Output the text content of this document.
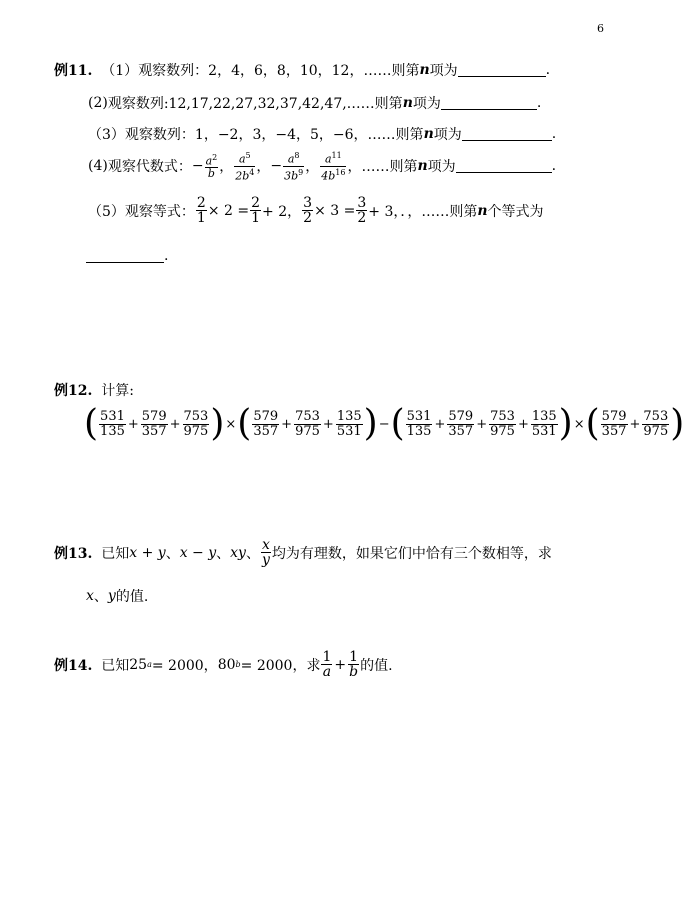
6
例11.
（1） 观察数列：2，4，6，8，10，12，……则第 n 项为	.
(2) 观察数列:12,17,22,27,32,37,42,47,……则第 n 项为	.
（3） 观察数列：1，−2，3，−4，5，−6，……则第 n 项为	.
(4) 观察代数式： − $\frac{a^2}{b}$ ， $\frac{a^5}{2b^4}$ ， − $\frac{a^8}{3b^9}$ ， $\frac{a^{11}}{4b^{16}}$ ， ……则第 n 项为	.
（5） 观察等式： $\frac{2}{1} \times 2 = \frac{2}{1} + 2$， $\frac{3}{2} \times 3 = \frac{3}{2} + 3$，．， ……则第 n 个等式为
.
例12.
计算:
( $\frac{531}{135} + \frac{579}{357} + \frac{753}{975}$ ) × ( $\frac{579}{357} + \frac{753}{975} + \frac{135}{531}$ ) − ( $\frac{531}{135} + \frac{579}{357} + \frac{753}{975} + \frac{135}{531}$ ) × ( $\frac{579}{357} + \frac{753}{975}$ )
例13.
已知 x + y 、 x − y 、 xy 、 $\frac{x}{y}$ 均为有理数，如果它们中恰有三个数相等，求
x 、 y 的值.
例14.
已知 25 a = 2000， 80 b = 2000， 求 $\frac{1}{a} + \frac{1}{b}$ 的值.
